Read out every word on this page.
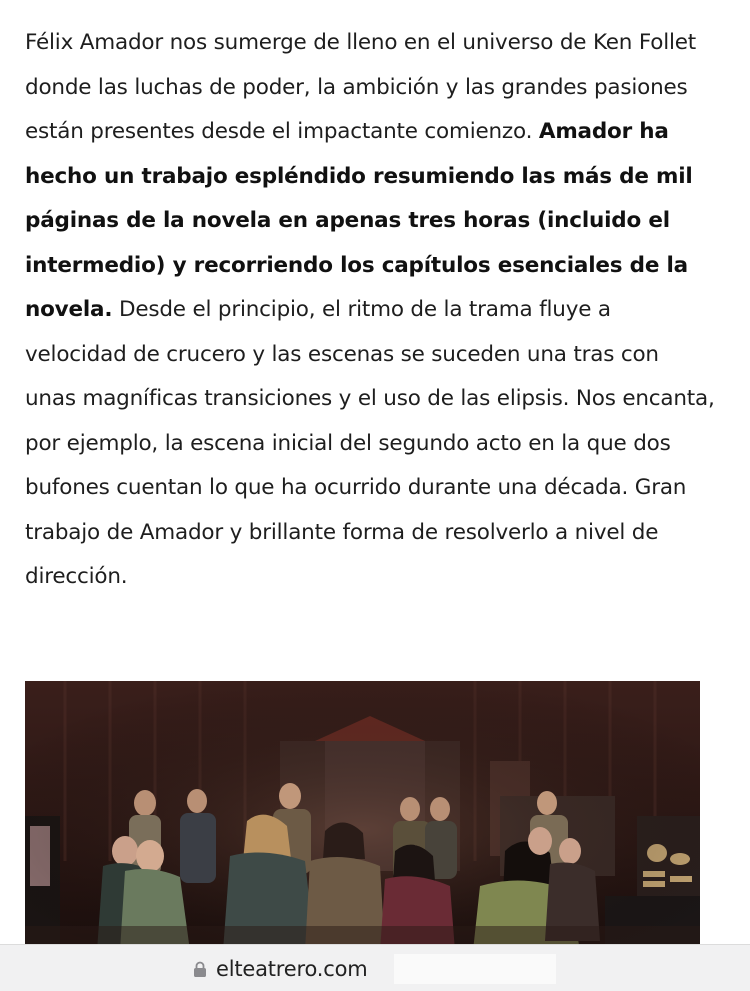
Félix Amador nos sumerge de lleno en el universo de Ken Follet donde las luchas de poder, la ambición y las grandes pasiones están presentes desde el impactante comienzo. Amador ha hecho un trabajo espléndido resumiendo las más de mil páginas de la novela en apenas tres horas (incluido el intermedio) y recorriendo los capítulos esenciales de la novela. Desde el principio, el ritmo de la trama fluye a velocidad de crucero y las escenas se suceden una tras con unas magníficas transiciones y el uso de las elipsis. Nos encanta, por ejemplo, la escena inicial del segundo acto en la que dos bufones cuentan lo que ha ocurrido durante una década. Gran trabajo de Amador y brillante forma de resolverlo a nivel de dirección.
elteatrero.com
